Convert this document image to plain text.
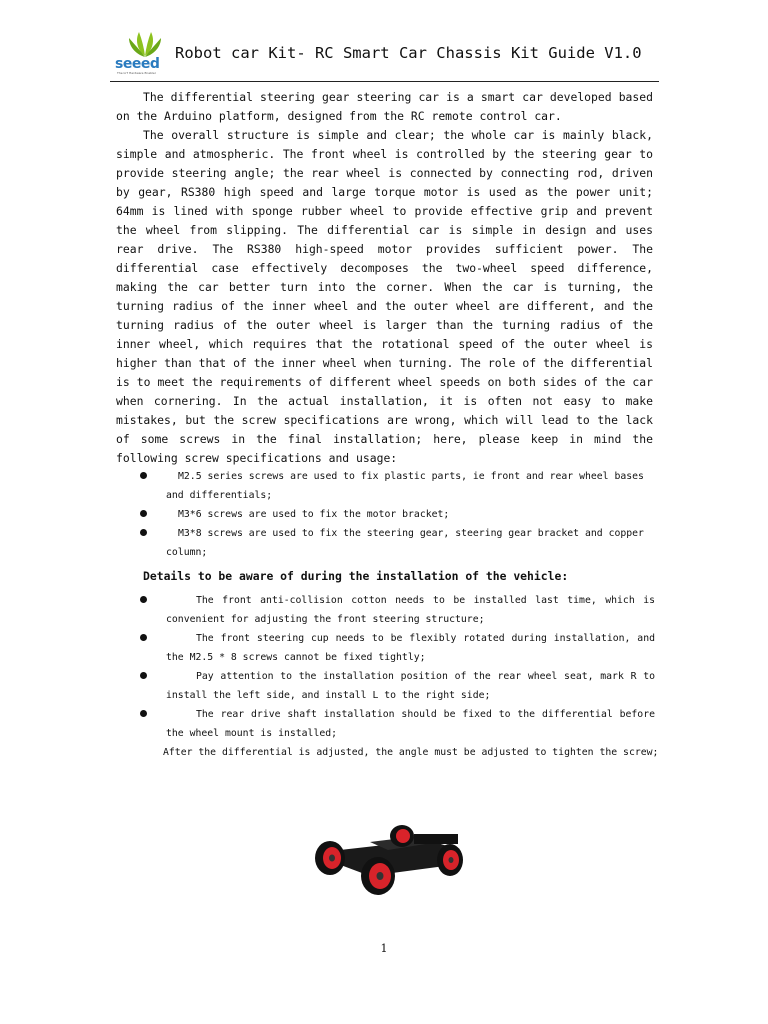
seeed
The IoT Hardware Enabler
Robot car Kit- RC Smart Car Chassis Kit Guide V1.0

The differential steering gear steering car is a smart car developed based on the Arduino platform, designed from the RC remote control car.

The overall structure is simple and clear; the whole car is mainly black, simple and atmospheric. The front wheel is controlled by the steering gear to provide steering angle; the rear wheel is connected by connecting rod, driven by gear, RS380 high speed and large torque motor is used as the power unit; 64mm is lined with sponge rubber wheel to provide effective grip and prevent the wheel from slipping. The differential car is simple in design and uses rear drive. The RS380 high-speed motor provides sufficient power. The differential case effectively decomposes the two-wheel speed difference, making the car better turn into the corner. When the car is turning, the turning radius of the inner wheel and the outer wheel are different, and the turning radius of the outer wheel is larger than the turning radius of the inner wheel, which requires that the rotational speed of the outer wheel is higher than that of the inner wheel when turning. The role of the differential is to meet the requirements of different wheel speeds on both sides of the car when cornering. In the actual installation, it is often not easy to make mistakes, but the screw specifications are wrong, which will lead to the lack of some screws in the final installation; here, please keep in mind the following screw specifications and usage:

M2.5 series screws are used to fix plastic parts, ie front and rear wheel bases and differentials;
M3*6 screws are used to fix the motor bracket;
M3*8 screws are used to fix the steering gear, steering gear bracket and copper column;
Details to be aware of during the installation of the vehicle:
The front anti-collision cotton needs to be installed last time, which is convenient for adjusting the front steering structure;
The front steering cup needs to be flexibly rotated during installation, and the M2.5 * 8 screws cannot be fixed tightly;
Pay attention to the installation position of the rear wheel seat, mark R to install the left side, and install L to the right side;
The rear drive shaft installation should be fixed to the differential before the wheel mount is installed;
After the differential is adjusted, the angle must be adjusted to tighten the screw;
1
